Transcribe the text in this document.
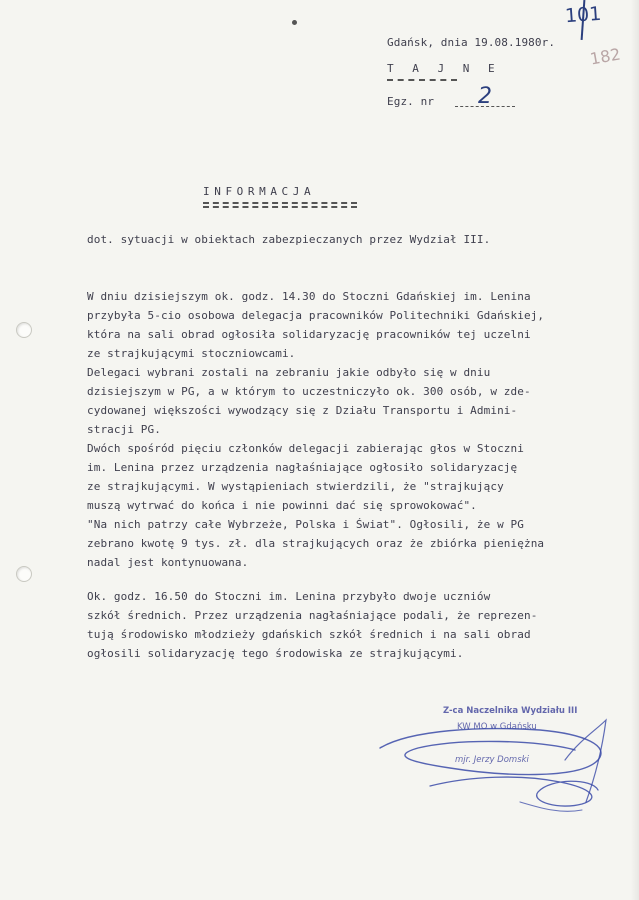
101
182
Gdańsk, dnia 19.08.1980r.
T A J N E
Egz. nr 2
INFORMACJA
dot. sytuacji w obiektach zabezpieczanych przez Wydział III.
W dniu dzisiejszym ok. godz. 14.30 do Stoczni Gdańskiej im. Lenina
przybyła 5-cio osobowa delegacja pracowników Politechniki Gdańskiej,
która na sali obrad ogłosiła solidaryzację pracowników tej uczelni
ze strajkującymi stoczniowcami.
Delegaci wybrani zostali na zebraniu jakie odbyło się w dniu
dzisiejszym w PG, a w którym to uczestniczyło ok. 300 osób, w zde-
cydowanej większości wywodzący się z Działu Transportu i Admini-
stracji PG.
Dwóch spośród pięciu członków delegacji zabierając głos w Stoczni
im. Lenina przez urządzenia nagłaśniające ogłosiło solidaryzację
ze strajkującymi. W wystąpieniach stwierdzili, że "strajkujący
muszą wytrwać do końca i nie powinni dać się sprowokować".
"Na nich patrzy całe Wybrzeże, Polska i Świat". Ogłosili, że w PG
zebrano kwotę 9 tys. zł. dla strajkujących oraz że zbiórka pieniężna
nadal jest kontynuowana.
Ok. godz. 16.50 do Stoczni im. Lenina przybyło dwoje uczniów
szkół średnich. Przez urządzenia nagłaśniające podali, że reprezen-
tują środowisko młodzieży gdańskich szkół średnich i na sali obrad
ogłosili solidaryzację tego środowiska ze strajkującymi.
Z-ca Naczelnika Wydziału III
KW MO w Gdańsku
mjr. Jerzy Domski
